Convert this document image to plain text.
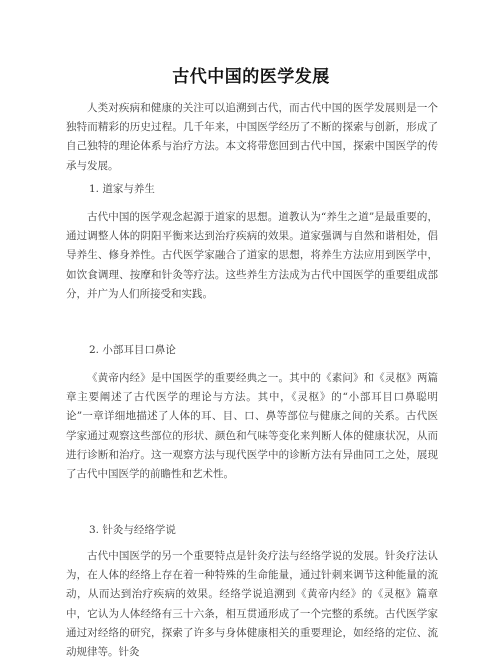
古代中国的医学发展

人类对疾病和健康的关注可以追溯到古代，而古代中国的医学发展则是一个独特而精彩的历史过程。几千年来，中国医学经历了不断的探索与创新，形成了自己独特的理论体系与治疗方法。本文将带您回到古代中国，探索中国医学的传承与发展。

1. 道家与养生

古代中国的医学观念起源于道家的思想。道教认为“养生之道”是最重要的，通过调整人体的阴阳平衡来达到治疗疾病的效果。道家强调与自然和谐相处，倡导养生、修身养性。古代医学家融合了道家的思想，将养生方法应用到医学中，如饮食调理、按摩和针灸等疗法。这些养生方法成为古代中国医学的重要组成部分，并广为人们所接受和实践。

2. 小部耳目口鼻论

《黄帝内经》是中国医学的重要经典之一。其中的《素问》和《灵枢》两篇章主要阐述了古代医学的理论与方法。其中，《灵枢》的“小部耳目口鼻聪明论”一章详细地描述了人体的耳、目、口、鼻等部位与健康之间的关系。古代医学家通过观察这些部位的形状、颜色和气味等变化来判断人体的健康状况，从而进行诊断和治疗。这一观察方法与现代医学中的诊断方法有异曲同工之处，展现了古代中国医学的前瞻性和艺术性。

3. 针灸与经络学说

古代中国医学的另一个重要特点是针灸疗法与经络学说的发展。针灸疗法认为，在人体的经络上存在着一种特殊的生命能量，通过针刺来调节这种能量的流动，从而达到治疗疾病的效果。经络学说追溯到《黄帝内经》的《灵枢》篇章中，它认为人体经络有三十六条，相互贯通形成了一个完整的系统。古代医学家通过对经络的研究，探索了许多与身体健康相关的重要理论，如经络的定位、流动规律等。针灸
